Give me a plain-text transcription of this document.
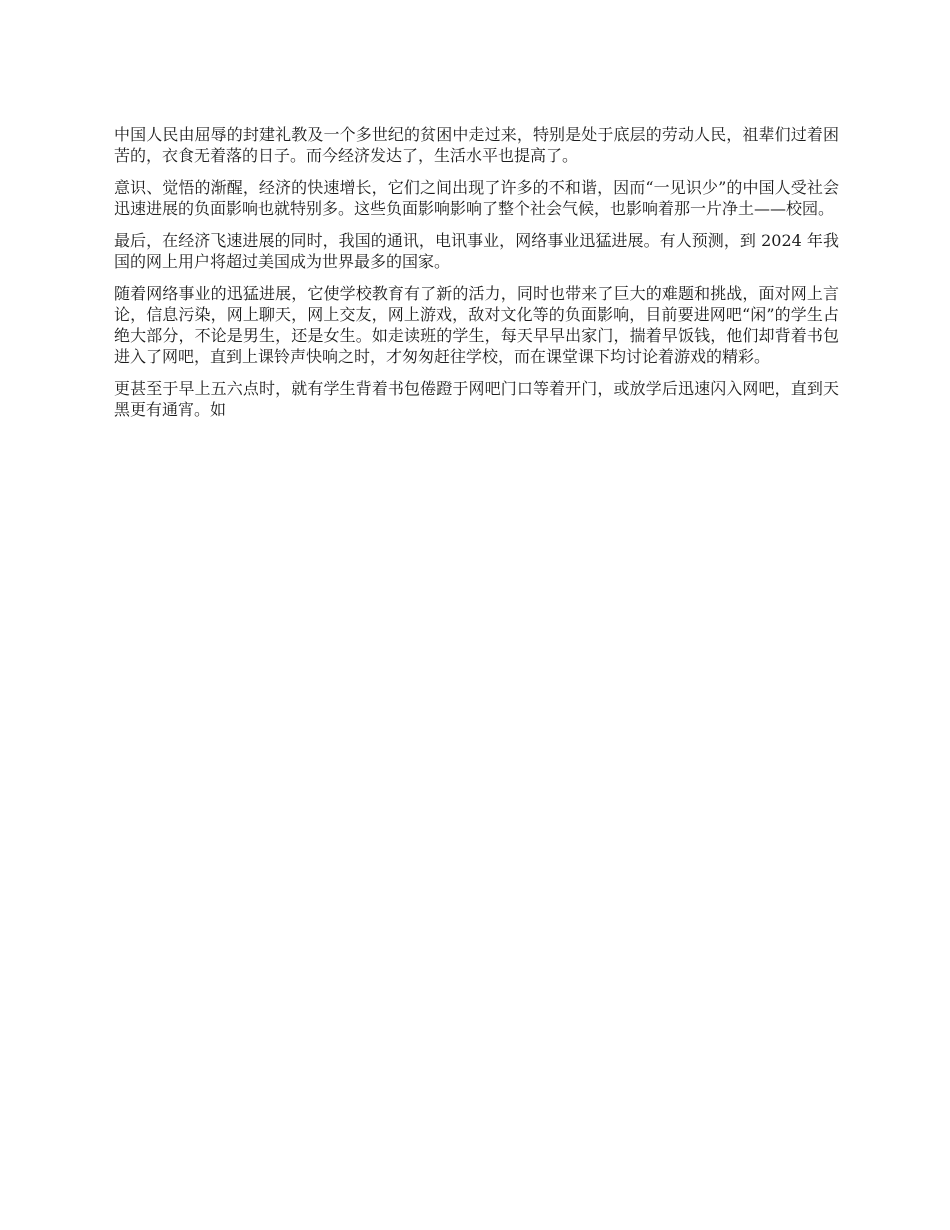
中国人民由屈辱的封建礼教及一个多世纪的贫困中走过来，特别是处于底层的劳动人民，祖辈们过着困苦的，衣食无着落的日子。而今经济发达了，生活水平也提高了。

意识、觉悟的渐醒，经济的快速增长，它们之间出现了许多的不和谐，因而“一见识少”的中国人受社会迅速进展的负面影响也就特别多。这些负面影响影响了整个社会气候，也影响着那一片净土——校园。

最后，在经济飞速进展的同时，我国的通讯，电讯事业，网络事业迅猛进展。有人预测，到 2024 年我国的网上用户将超过美国成为世界最多的国家。

随着网络事业的迅猛进展，它使学校教育有了新的活力，同时也带来了巨大的难题和挑战，面对网上言论，信息污染，网上聊天，网上交友，网上游戏，敌对文化等的负面影响，目前要进网吧“闲”的学生占绝大部分，不论是男生，还是女生。如走读班的学生，每天早早出家门，揣着早饭钱，他们却背着书包进入了网吧，直到上课铃声快响之时，才匆匆赶往学校，而在课堂课下均讨论着游戏的精彩。

更甚至于早上五六点时，就有学生背着书包倦蹬于网吧门口等着开门，或放学后迅速闪入网吧，直到天黑更有通宵。如
